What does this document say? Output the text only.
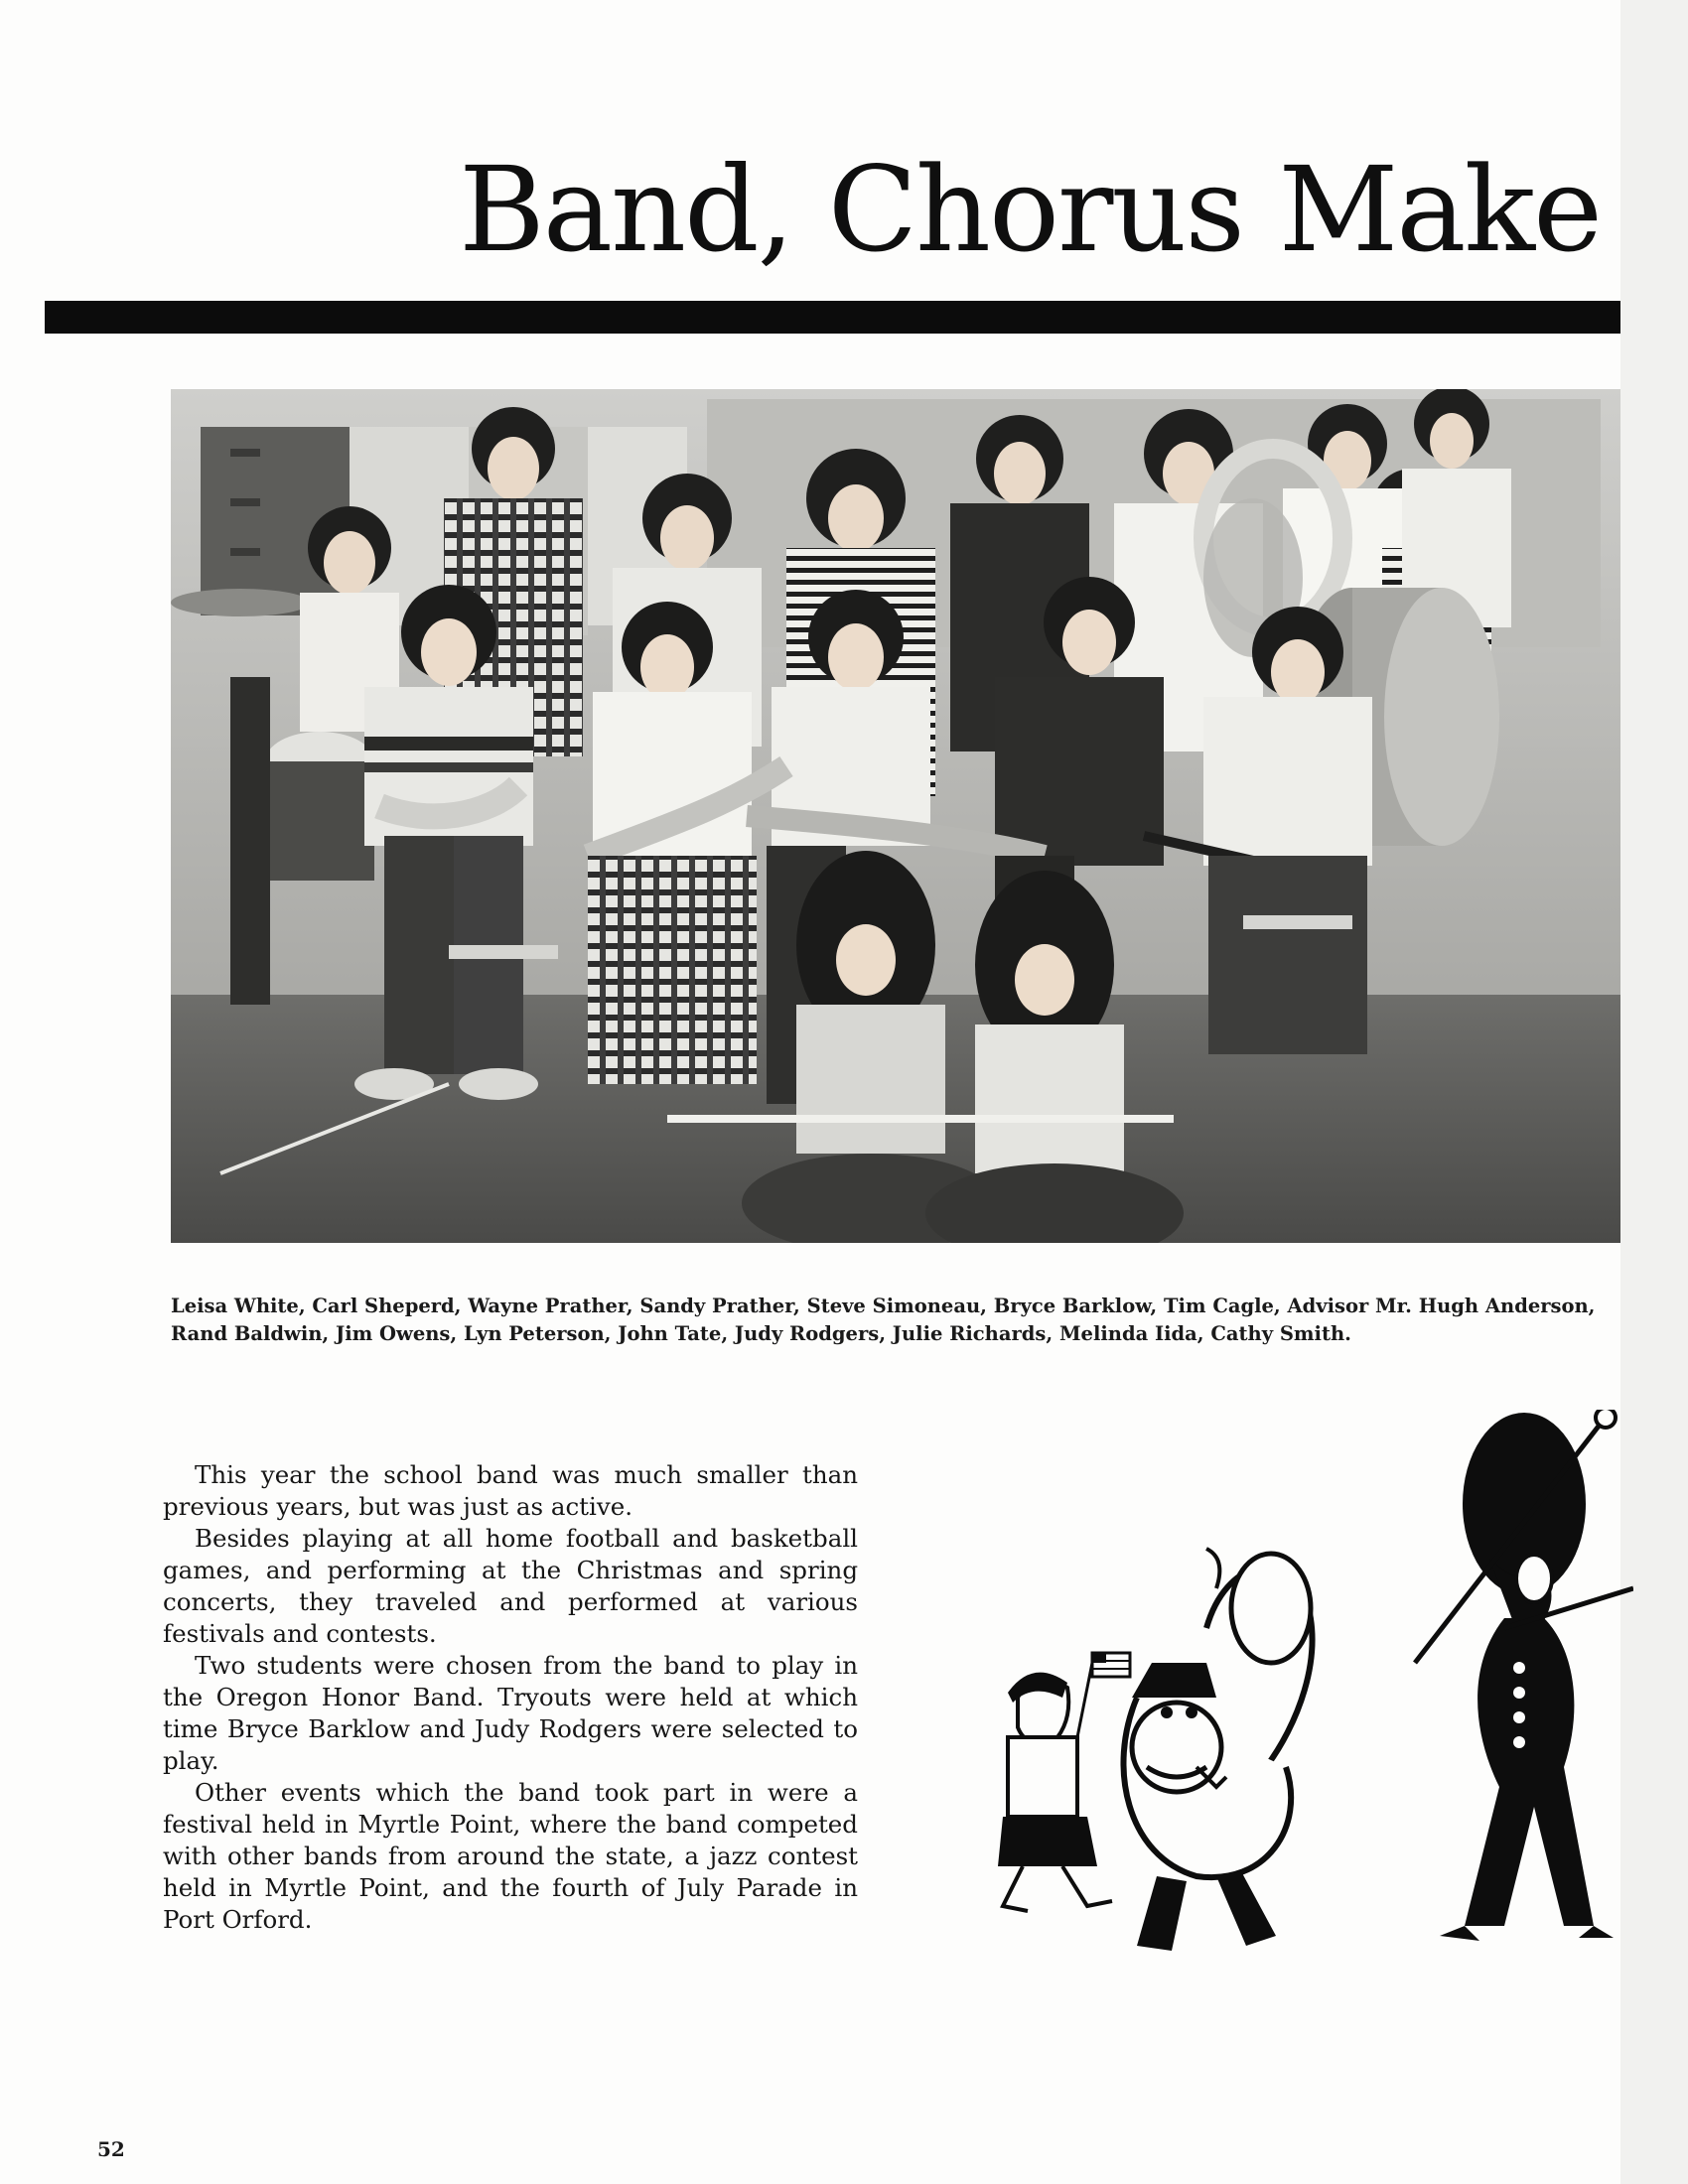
Band, Chorus Make

Leisa White, Carl Sheperd, Wayne Prather, Sandy Prather, Steve Simoneau, Bryce Barklow, Tim Cagle, Advisor Mr. Hugh Anderson, Rand Baldwin, Jim Owens, Lyn Peterson, John Tate, Judy Rodgers, Julie Richards, Melinda Iida, Cathy Smith.

This year the school band was much smaller than previous years, but was just as active.

Besides playing at all home football and basketball games, and performing at the Christmas and spring concerts, they traveled and performed at various festivals and contests.

Two students were chosen from the band to play in the Oregon Honor Band. Tryouts were held at which time Bryce Barklow and Judy Rodgers were selected to play.

Other events which the band took part in were a festival held in Myrtle Point, where the band competed with other bands from around the state, a jazz contest held in Myrtle Point, and the fourth of July Parade in Port Orford.

52
